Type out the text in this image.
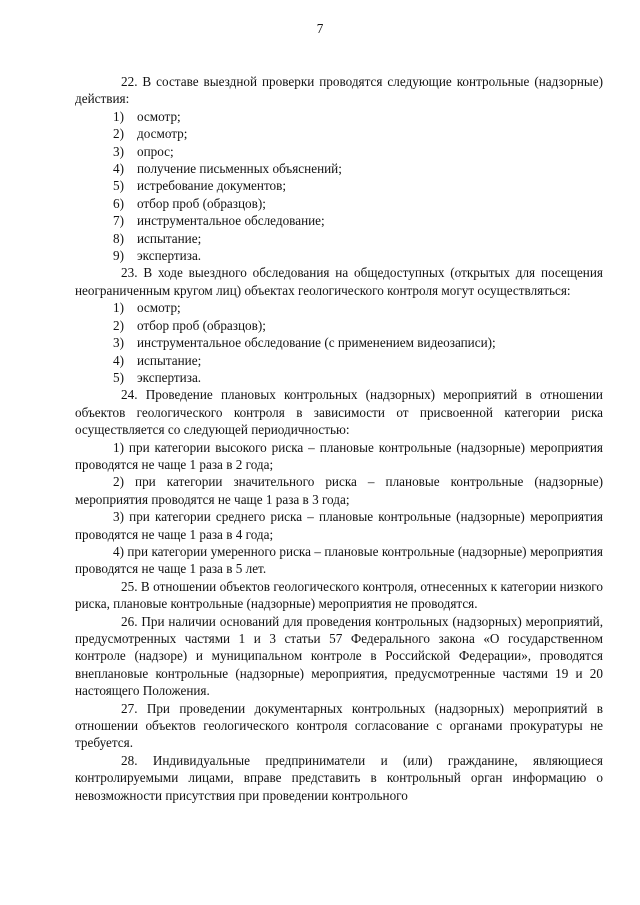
7

22. В составе выездной проверки проводятся следующие контрольные (надзорные) действия:

1) осмотр;

2) досмотр;

3) опрос;

4) получение письменных объяснений;

5) истребование документов;

6) отбор проб (образцов);

7) инструментальное обследование;

8) испытание;

9) экспертиза.

23. В ходе выездного обследования на общедоступных (открытых для посещения неограниченным кругом лиц) объектах геологического контроля могут осуществляться:

1) осмотр;

2) отбор проб (образцов);

3) инструментальное обследование (с применением видеозаписи);

4) испытание;

5) экспертиза.

24. Проведение плановых контрольных (надзорных) мероприятий в отношении объектов геологического контроля в зависимости от присвоенной категории риска осуществляется со следующей периодичностью:

1) при категории высокого риска – плановые контрольные (надзорные) мероприятия проводятся не чаще 1 раза в 2 года;

2) при категории значительного риска – плановые контрольные (надзорные) мероприятия проводятся не чаще 1 раза в 3 года;

3) при категории среднего риска – плановые контрольные (надзорные) мероприятия проводятся не чаще 1 раза в 4 года;

4) при категории умеренного риска – плановые контрольные (надзорные) мероприятия проводятся не чаще 1 раза в 5 лет.

25. В отношении объектов геологического контроля, отнесенных к категории низкого риска, плановые контрольные (надзорные) мероприятия не проводятся.

26. При наличии оснований для проведения контрольных (надзорных) мероприятий, предусмотренных частями 1 и 3 статьи 57 Федерального закона «О государственном контроле (надзоре) и муниципальном контроле в Российской Федерации», проводятся внеплановые контрольные (надзорные) мероприятия, предусмотренные частями 19 и 20 настоящего Положения.

27. При проведении документарных контрольных (надзорных) мероприятий в отношении объектов геологического контроля согласование с органами прокуратуры не требуется.

28. Индивидуальные предприниматели и (или) гражданине, являющиеся контролируемыми лицами, вправе представить в контрольный орган информацию о невозможности присутствия при проведении контрольного
